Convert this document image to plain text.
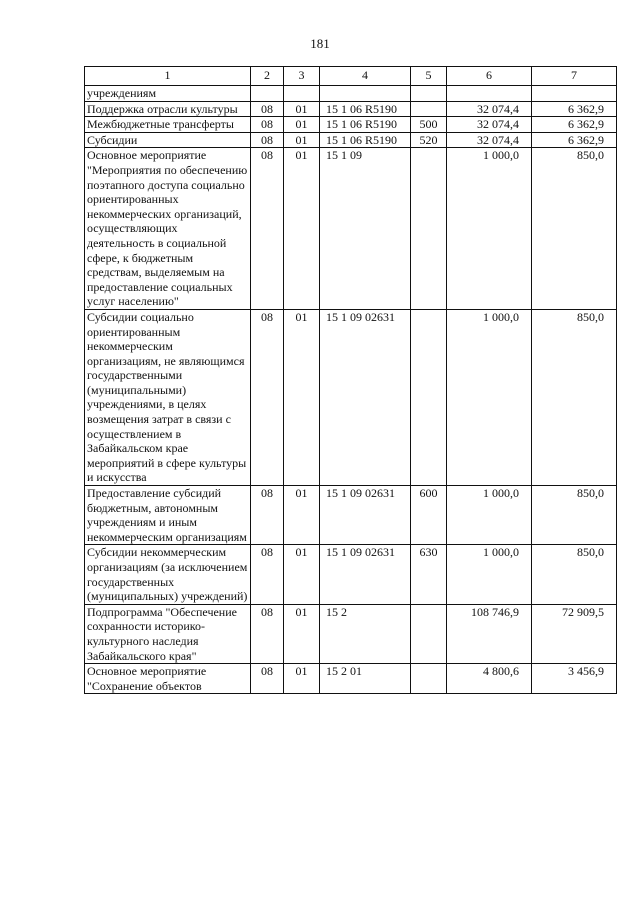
181
1	2	3	4	5	6	7
учреждениям						
Поддержка отрасли культуры	08	01	15 1 06 R5190		32 074,4	6 362,9
Межбюджетные трансферты	08	01	15 1 06 R5190	500	32 074,4	6 362,9
Субсидии	08	01	15 1 06 R5190	520	32 074,4	6 362,9
Основное мероприятие "Мероприятия по обеспечению поэтапного доступа социально ориентированных некоммерческих организаций, осуществляющих деятельность в социальной сфере, к бюджетным средствам, выделяемым на предоставление социальных услуг населению"	08	01	15 1 09		1 000,0	850,0
Субсидии социально ориентированным некоммерческим организациям, не являющимся государственными (муниципальными) учреждениями, в целях возмещения затрат в связи с осуществлением в Забайкальском крае мероприятий в сфере культуры и искусства	08	01	15 1 09 02631		1 000,0	850,0
Предоставление субсидий бюджетным, автономным учреждениям и иным некоммерческим организациям	08	01	15 1 09 02631	600	1 000,0	850,0
Субсидии некоммерческим организациям (за исключением государственных (муниципальных) учреждений)	08	01	15 1 09 02631	630	1 000,0	850,0
Подпрограмма "Обеспечение сохранности историко-культурного наследия Забайкальского края"	08	01	15 2		108 746,9	72 909,5
Основное мероприятие "Сохранение объектов	08	01	15 2 01		4 800,6	3 456,9
